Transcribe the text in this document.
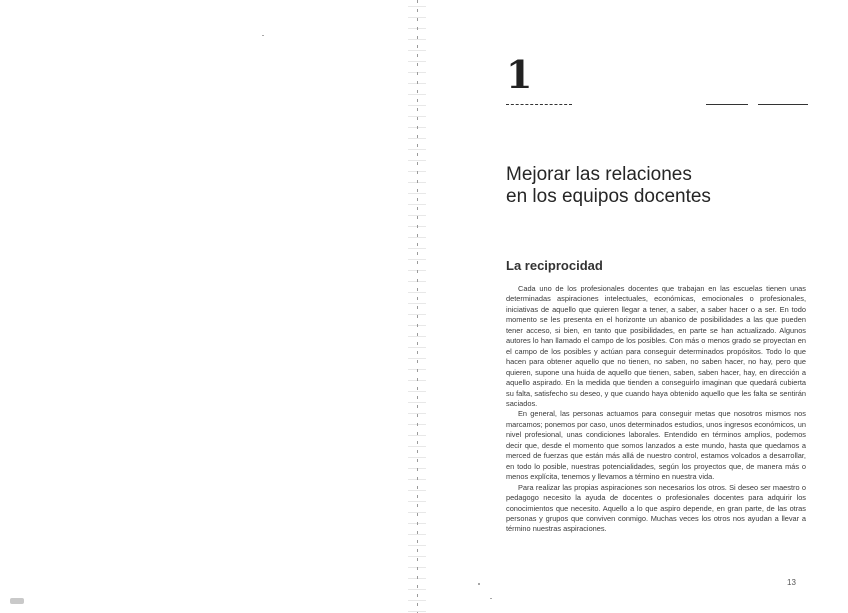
1
Mejorar las relaciones
en los equipos docentes
La reciprocidad

Cada uno de los profesionales docentes que trabajan en las escuelas tienen unas determinadas aspiraciones intelectuales, económicas, emocionales o profesionales, iniciativas de aquello que quieren llegar a tener, a saber, a saber hacer o a ser. En todo momento se les presenta en el horizonte un abanico de posibilidades a las que pueden tener acceso, si bien, en tanto que posibilidades, en parte se han actualizado. Algunos autores lo han llamado el campo de los posibles. Con más o menos grado se proyectan en el campo de los posibles y actúan para conseguir determinados propósitos. Todo lo que hacen para obtener aquello que no tienen, no saben, no saben hacer, no hay, pero que quieren, supone una huida de aquello que tienen, saben, saben hacer, hay, en dirección a aquello aspirado. En la medida que tienden a conseguirlo imaginan que quedará cubierta su falta, satisfecho su deseo, y que cuando haya obtenido aquello que les falta se sentirán saciados.

En general, las personas actuamos para conseguir metas que nosotros mismos nos marcamos; ponemos por caso, unos determinados estudios, unos ingresos económicos, un nivel profesional, unas condiciones laborales. Entendido en términos amplios, podemos decir que, desde el momento que somos lanzados a este mundo, hasta que quedamos a merced de fuerzas que están más allá de nuestro control, estamos volcados a desarrollar, en todo lo posible, nuestras potencialidades, según los proyectos que, de manera más o menos explícita, tenemos y llevamos a término en nuestra vida.

Para realizar las propias aspiraciones son necesarios los otros. Si deseo ser maestro o pedagogo necesito la ayuda de docentes o profesionales docentes para adquirir los conocimientos que necesito. Aquello a lo que aspiro depende, en gran parte, de las otras personas y grupos que conviven conmigo. Muchas veces los otros nos ayudan a llevar a término nuestras aspiraciones.

13
